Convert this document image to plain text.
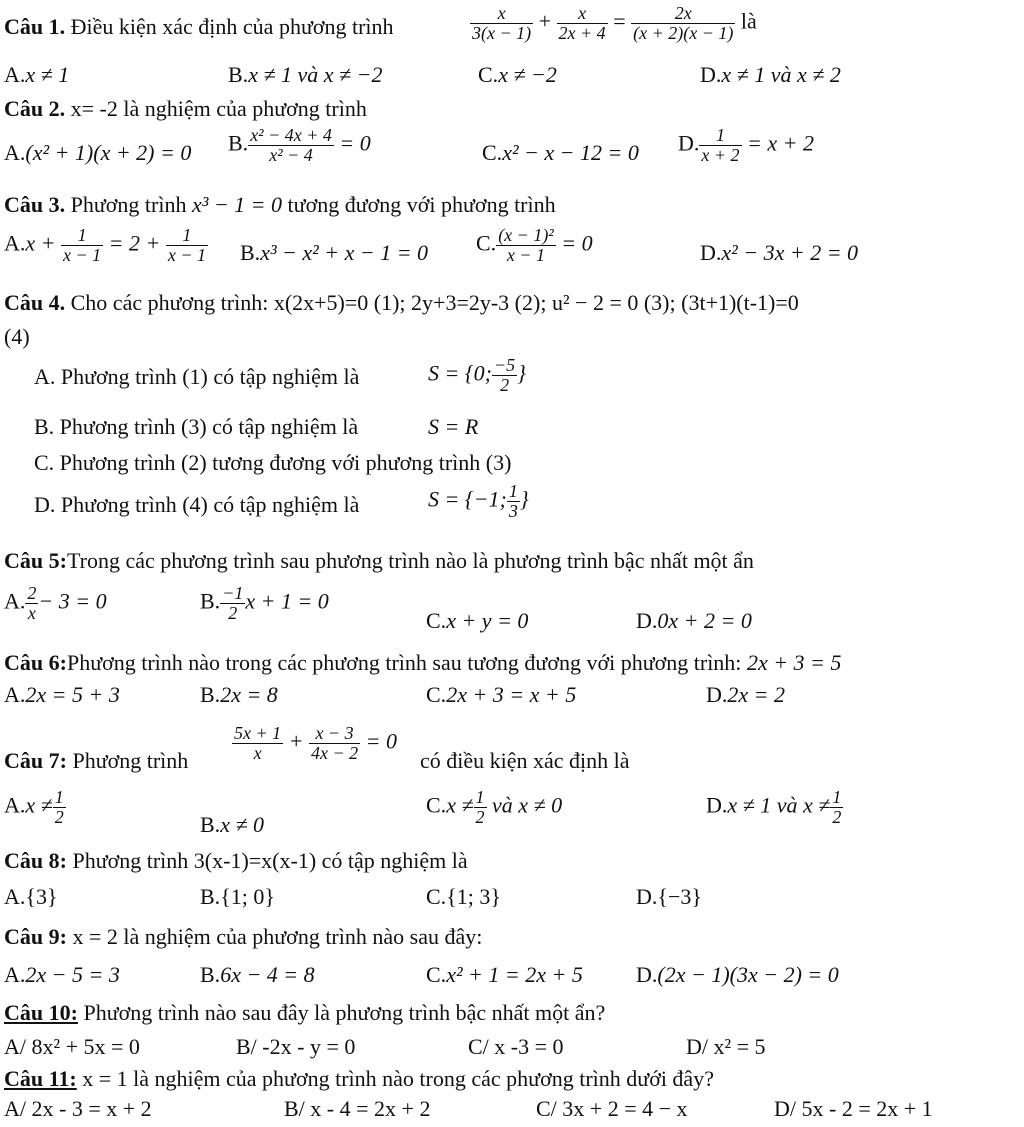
Câu 1. Điều kiện xác định của phương trình	$\frac{x}{3(x - 1)} + \frac{x}{2x + 4} = \frac{2x}{(x + 2)(x - 1)}$ là
A.x ≠ 1	B.x ≠ 1 và x ≠ −2	C.x ≠ −2	D.x ≠ 1 và x ≠ 2
Câu 2. x= -2 là nghiệm của phương trình
A.(x² + 1)(x + 2) = 0 B. $\frac{\text{x² − 4x + 4}}{\text{x² − 4}} = 0$	C.x² − x − 12 = 0 D. $\frac{1}{x + 2} = x + 2$
Câu 3. Phương trình x³ − 1 = 0 tương đương với phương trình
$A.x + \frac{1}{x - 1} = 2 + \frac{1}{x - 1} B.x^3 - x^2 + x - 1 = 0$ C. $\frac{\text{(x − 1)²}}{x - 1} = 0$	D.x² − 3x + 2 = 0
Câu 4. Cho các phương trình: x(2x+5)=0 (1); 2y+3=2y-3 (2); u² − 2 = 0 (3); (3t+1)(t-1)=0
(4)
A. Phương trình (1) có tập nghiệm là	S = {0; $\frac{-5}{2}$ }
B. Phương trình (3) có tập nghiệm là	S = R
C. Phương trình (2) tương đương với phương trình (3)
D. Phương trình (4) có tập nghiệm là	S = {−1; $\frac{1}{3}$ }
Câu 5:Trong các phương trình sau phương trình nào là phương trình bậc nhất một ẩn
A. $\frac{2}{x} - 3 = 0$	B. $\frac{-1}{2}$ x + 1 = 0
C.x + y = 0	D.0x + 2 = 0
Câu 6:Phương trình nào trong các phương trình sau tương đương với phương trình: 2x + 3 = 5
A.2x = 5 + 3	B.2x = 8	C.2x + 3 = x + 5	D.2x = 2
Câu 7: Phương trình $\frac{5x + 1}{x} + \frac{x - 3}{4x - 2} = 0$
có điều kiện xác định là
$A.x \ne \frac{1}{2}$	B.x ≠ 0
$C.x \ne \frac{1}{2}$ và x ≠ 0	D.x ≠ 1 và $x \ne \frac{1}{2}$
Câu 8: Phương trình 3(x-1)=x(x-1) có tập nghiệm là
A.{3}	B.{1; 0}	C.{1; 3}	D.{−3}
Câu 9: x = 2 là nghiệm của phương trình nào sau đây:
A.2x − 5 = 3	B.6x − 4 = 8	C.x² + 1 = 2x + 5 D.(2x − 1)(3x − 2) = 0
Câu 10: Phương trình nào sau đây là phương trình bậc nhất một ẩn?
A/ 8x² + 5x = 0	B/ -2x - y = 0	C/ x -3 = 0	D/ x² = 5
Câu 11: x = 1 là nghiệm của phương trình nào trong các phương trình dưới đây?
A/ 2x - 3 = x + 2	B/ x - 4 = 2x + 2	C/ 3x + 2 = 4 − x	D/ 5x - 2 = 2x + 1
